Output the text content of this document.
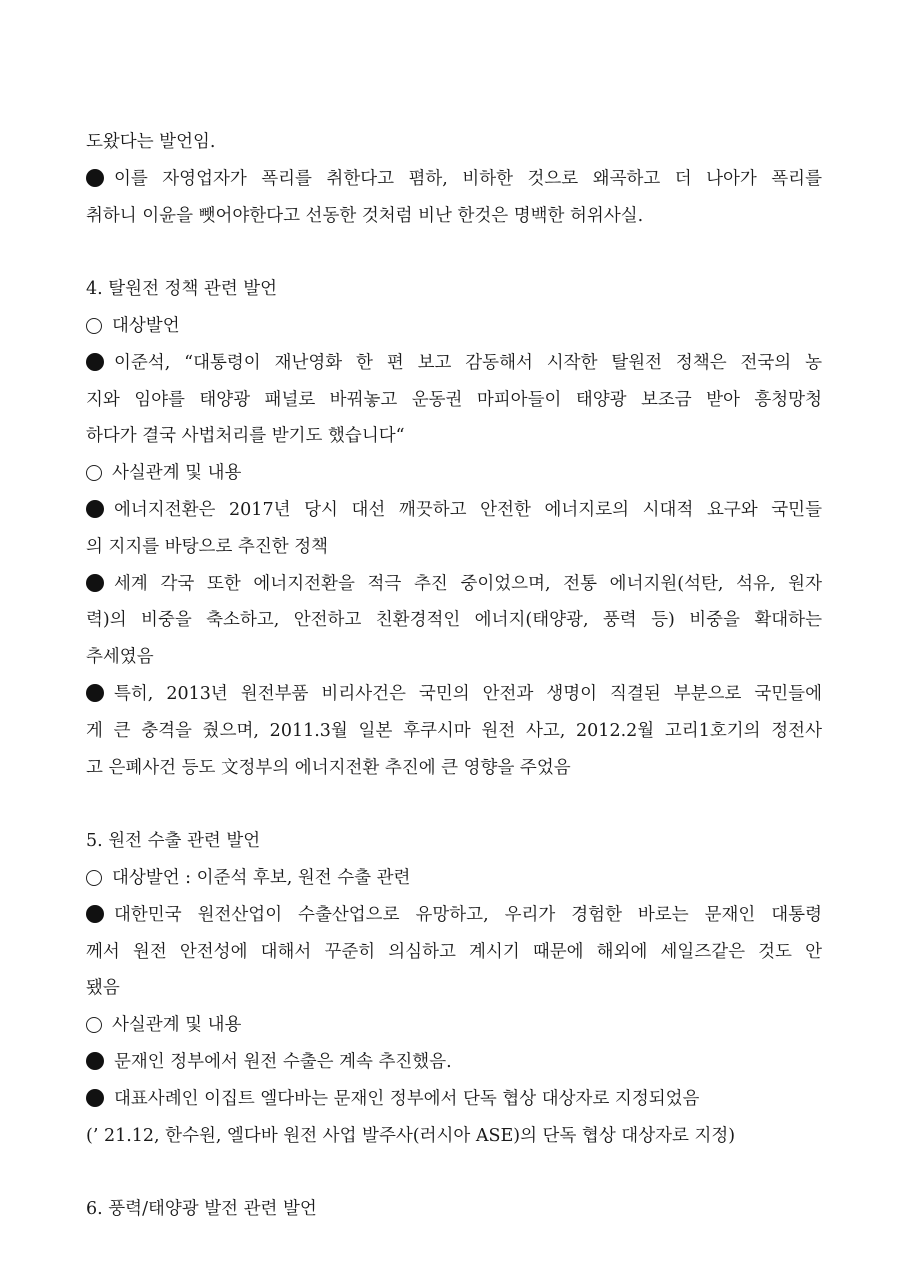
도왔다는 발언임.
이를 자영업자가 폭리를 취한다고 폄하, 비하한 것으로 왜곡하고 더 나아가 폭리를
취하니 이윤을 뺏어야한다고 선동한 것처럼 비난 한것은 명백한 허위사실.
4. 탈원전 정책 관련 발언
대상발언
이준석, “대통령이 재난영화 한 편 보고 감동해서 시작한 탈원전 정책은 전국의 농
지와 임야를 태양광 패널로 바꿔놓고 운동권 마피아들이 태양광 보조금 받아 흥청망청
하다가 결국 사법처리를 받기도 했습니다“
사실관계 및 내용
에너지전환은 2017년 당시 대선 깨끗하고 안전한 에너지로의 시대적 요구와 국민들
의 지지를 바탕으로 추진한 정책
세계 각국 또한 에너지전환을 적극 추진 중이었으며, 전통 에너지원(석탄, 석유, 원자
력)의 비중을 축소하고, 안전하고 친환경적인 에너지(태양광, 풍력 등) 비중을 확대하는
추세였음
특히, 2013년 원전부품 비리사건은 국민의 안전과 생명이 직결된 부분으로 국민들에
게 큰 충격을 줬으며, 2011.3월 일본 후쿠시마 원전 사고, 2012.2월 고리1호기의 정전사
고 은폐사건 등도 文정부의 에너지전환 추진에 큰 영향을 주었음
5. 원전 수출 관련 발언
대상발언 : 이준석 후보, 원전 수출 관련
대한민국 원전산업이 수출산업으로 유망하고, 우리가 경험한 바로는 문재인 대통령
께서 원전 안전성에 대해서 꾸준히 의심하고 계시기 때문에 해외에 세일즈같은 것도 안
됐음
사실관계 및 내용
문재인 정부에서 원전 수출은 계속 추진했음.
대표사례인 이집트 엘다바는 문재인 정부에서 단독 협상 대상자로 지정되었음
(’ 21.12, 한수원, 엘다바 원전 사업 발주사(러시아 ASE)의 단독 협상 대상자로 지정)
6. 풍력/태양광 발전 관련 발언
